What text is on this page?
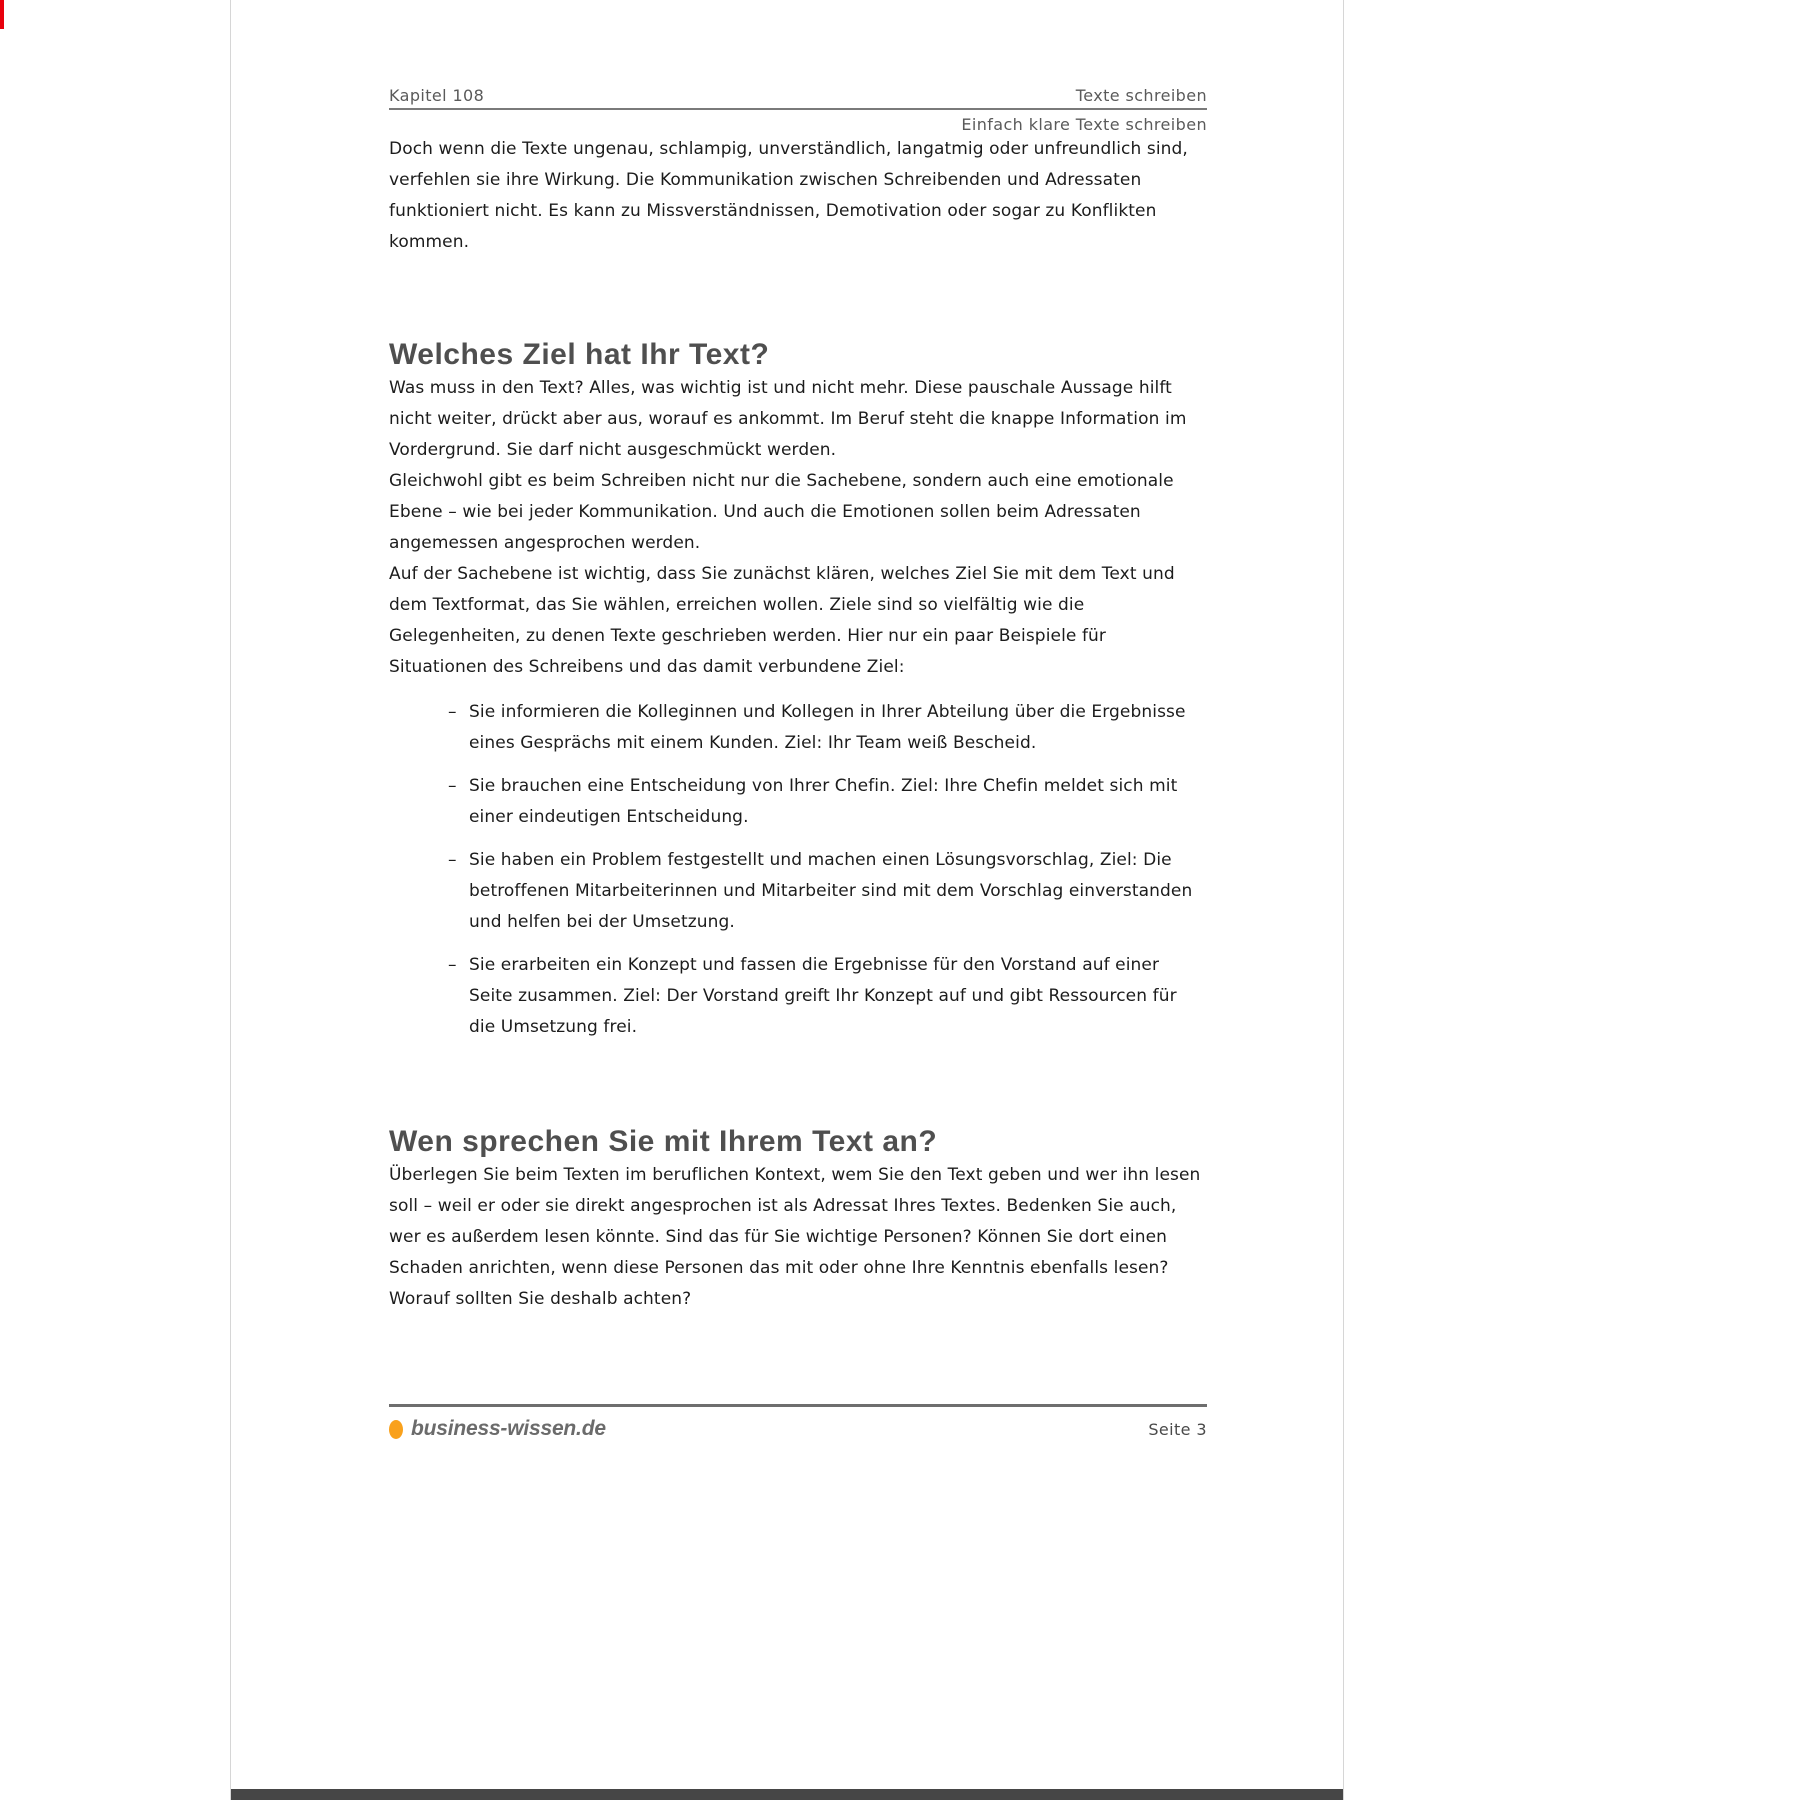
Kapitel 108	Texte schreiben
Einfach klare Texte schreiben

Doch wenn die Texte ungenau, schlampig, unverständlich, langatmig oder unfreundlich sind, verfehlen sie ihre Wirkung. Die Kommunikation zwischen Schreibenden und Adressaten funktioniert nicht. Es kann zu Missverständnissen, Demotivation oder sogar zu Konflikten kommen.

Welches Ziel hat Ihr Text?

Was muss in den Text? Alles, was wichtig ist und nicht mehr. Diese pauschale Aussage hilft nicht weiter, drückt aber aus, worauf es ankommt. Im Beruf steht die knappe Information im Vordergrund. Sie darf nicht ausgeschmückt werden.

Gleichwohl gibt es beim Schreiben nicht nur die Sachebene, sondern auch eine emotionale Ebene – wie bei jeder Kommunikation. Und auch die Emotionen sollen beim Adressaten angemessen angesprochen werden.

Auf der Sachebene ist wichtig, dass Sie zunächst klären, welches Ziel Sie mit dem Text und dem Textformat, das Sie wählen, erreichen wollen. Ziele sind so vielfältig wie die Gelegenheiten, zu denen Texte geschrieben werden. Hier nur ein paar Beispiele für Situationen des Schreibens und das damit verbundene Ziel:

– Sie informieren die Kolleginnen und Kollegen in Ihrer Abteilung über die Ergebnisse eines Gesprächs mit einem Kunden. Ziel: Ihr Team weiß Bescheid.
– Sie brauchen eine Entscheidung von Ihrer Chefin. Ziel: Ihre Chefin meldet sich mit einer eindeutigen Entscheidung.
– Sie haben ein Problem festgestellt und machen einen Lösungsvorschlag, Ziel: Die betroffenen Mitarbeiterinnen und Mitarbeiter sind mit dem Vorschlag einverstanden und helfen bei der Umsetzung.
– Sie erarbeiten ein Konzept und fassen die Ergebnisse für den Vorstand auf einer Seite zusammen. Ziel: Der Vorstand greift Ihr Konzept auf und gibt Ressourcen für die Umsetzung frei.
Wen sprechen Sie mit Ihrem Text an?

Überlegen Sie beim Texten im beruflichen Kontext, wem Sie den Text geben und wer ihn lesen soll – weil er oder sie direkt angesprochen ist als Adressat Ihres Textes. Bedenken Sie auch, wer es außerdem lesen könnte. Sind das für Sie wichtige Personen? Können Sie dort einen Schaden anrichten, wenn diese Personen das mit oder ohne Ihre Kenntnis ebenfalls lesen? Worauf sollten Sie deshalb achten?

business-wissen.de	Seite 3
